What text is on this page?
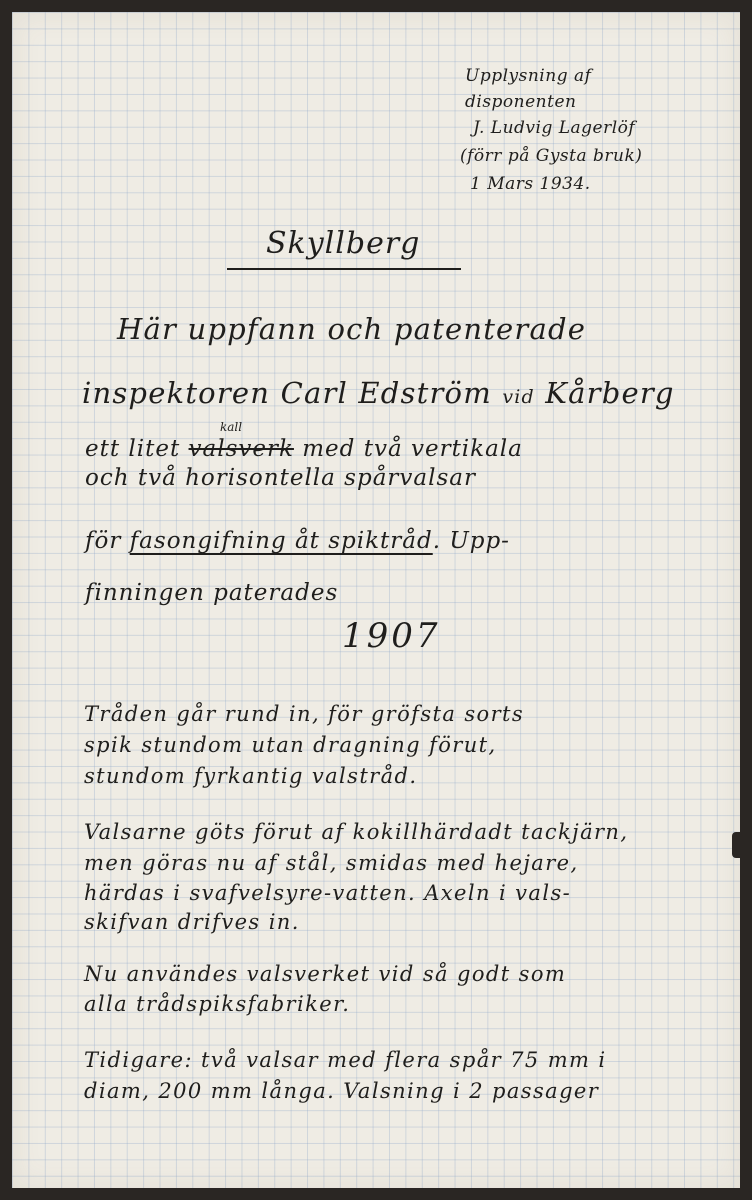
Upplysning af

disponenten

J. Ludvig Lagerlöf

(förr på Gysta bruk)

1 Mars 1934.

Skyllberg

Här uppfann och patenterade

inspektoren Carl Edström vid Kårberg

kall

ett litet valsverk med två vertikala

och två horisontella spårvalsar

för fasongifning åt spiktråd. Upp-

finningen paterades

1907

Tråden går rund in, för gröfsta sorts

spik stundom utan dragning förut,

stundom fyrkantig valstråd.

Valsarne göts förut af kokillhärdadt tackjärn,

men göras nu af stål, smidas med hejare,

härdas i svafvelsyre-vatten. Axeln i vals-

skifvan drifves in.

Nu användes valsverket vid så godt som

alla trådspiksfabriker.

Tidigare: två valsar med flera spår 75 mm i

diam, 200 mm långa. Valsning i 2 passager
